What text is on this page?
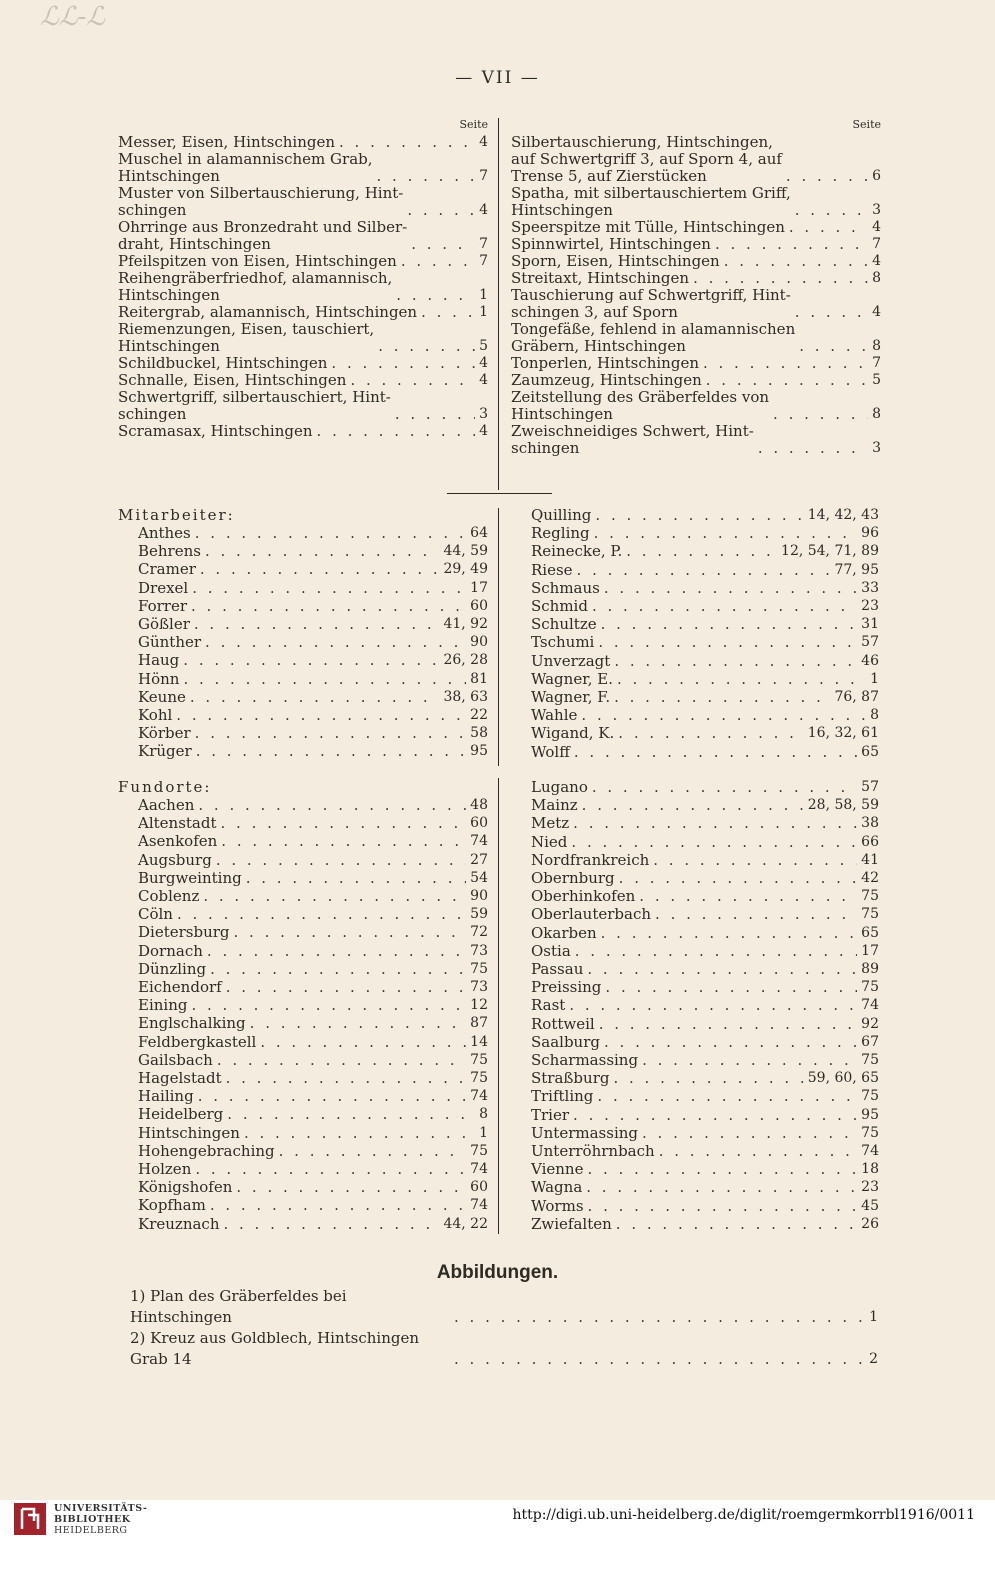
ℒℒ-ℒ
— VII —
Seite
Messer, Eisen, Hintschingen . . .	4
Muschel in alamannischem Grab,
Hintschingen . . .	7
Muster von Silbertauschierung, Hint-
schingen . . .	4
Ohrringe aus Bronzedraht und Silber-
draht, Hintschingen . . .	7
Pfeilspitzen von Eisen, Hintschingen . . .	7
Reihengräberfriedhof, alamannisch,
Hintschingen . . .	1
Reitergrab, alamannisch, Hintschingen . . .	1
Riemenzungen, Eisen, tauschiert,
Hintschingen . . .	5
Schildbuckel, Hintschingen . . .	4
Schnalle, Eisen, Hintschingen . . .	4
Schwertgriff, silbertauschiert, Hint-
schingen . . .	3
Scramasax, Hintschingen . . .	4
Seite
Silbertauschierung, Hintschingen,
auf Schwertgriff 3, auf Sporn 4, auf
Trense 5, auf Zierstücken . . .	6
Spatha, mit silbertauschiertem Griff,
Hintschingen . . .	3
Speerspitze mit Tülle, Hintschingen . . .	4
Spinnwirtel, Hintschingen . . .	7
Sporn, Eisen, Hintschingen . . .	4
Streitaxt, Hintschingen . . .	8
Tauschierung auf Schwertgriff, Hint-
schingen 3, auf Sporn . . .	4
Tongefäße, fehlend in alamannischen
Gräbern, Hintschingen . . .	8
Tonperlen, Hintschingen . . .	7
Zaumzeug, Hintschingen . . .	5
Zeitstellung des Gräberfeldes von
Hintschingen . . .	8
Zweischneidiges Schwert, Hint-
schingen . . .	3
Mitarbeiter:
Anthes . . .	64
Behrens . . .	44, 59
Cramer . . .	29, 49
Drexel . . .	17
Forrer . . .	60
Gößler . . .	41, 92
Günther . . .	90
Haug . . .	26, 28
Hönn . . .	81
Keune . . .	38, 63
Kohl . . .	22
Körber . . .	58
Krüger . . .	95
Quilling . . .	14, 42, 43
Regling . . .	96
Reinecke, P. . . .	12, 54, 71, 89
Riese . . .	77, 95
Schmaus . . .	33
Schmid . . .	23
Schultze . . .	31
Tschumi . . .	57
Unverzagt . . .	46
Wagner, E. . . .	1
Wagner, F. . . .	76, 87
Wahle . . .	8
Wigand, K. . . .	16, 32, 61
Wolff . . .	65
Fundorte:
Aachen . . .	48
Altenstadt . . .	60
Asenkofen . . .	74
Augsburg . . .	27
Burgweinting . . .	54
Coblenz . . .	90
Cöln . . .	59
Dietersburg . . .	72
Dornach . . .	73
Dünzling . . .	75
Eichendorf . . .	73
Eining . . .	12
Englschalking . . .	87
Feldbergkastell . . .	14
Gailsbach . . .	75
Hagelstadt . . .	75
Hailing . . .	74
Heidelberg . . .	8
Hintschingen . . .	1
Hohengebraching . . .	75
Holzen . . .	74
Königshofen . . .	60
Kopfham . . .	74
Kreuznach . . .	44, 22
Lugano . . .	57
Mainz . . .	28, 58, 59
Metz . . .	38
Nied . . .	66
Nordfrankreich . . .	41
Obernburg . . .	42
Oberhinkofen . . .	75
Oberlauterbach . . .	75
Okarben . . .	65
Ostia . . .	17
Passau . . .	89
Preissing . . .	75
Rast . . .	74
Rottweil . . .	92
Saalburg . . .	67
Scharmassing . . .	75
Straßburg . . .	59, 60, 65
Triftling . . .	75
Trier . . .	95
Untermassing . . .	75
Unterröhrnbach . . .	74
Vienne . . .	18
Wagna . . .	23
Worms . . .	45
Zwiefalten . . .	26
Abbildungen.
1) Plan des Gräberfeldes bei Hintschingen . . .	1
2) Kreuz aus Goldblech, Hintschingen Grab 14 . . .	2
UNIVERSITÄTS-
BIBLIOTHEK
HEIDELBERG
http://digi.ub.uni-heidelberg.de/diglit/roemgermkorrbl1916/0011
